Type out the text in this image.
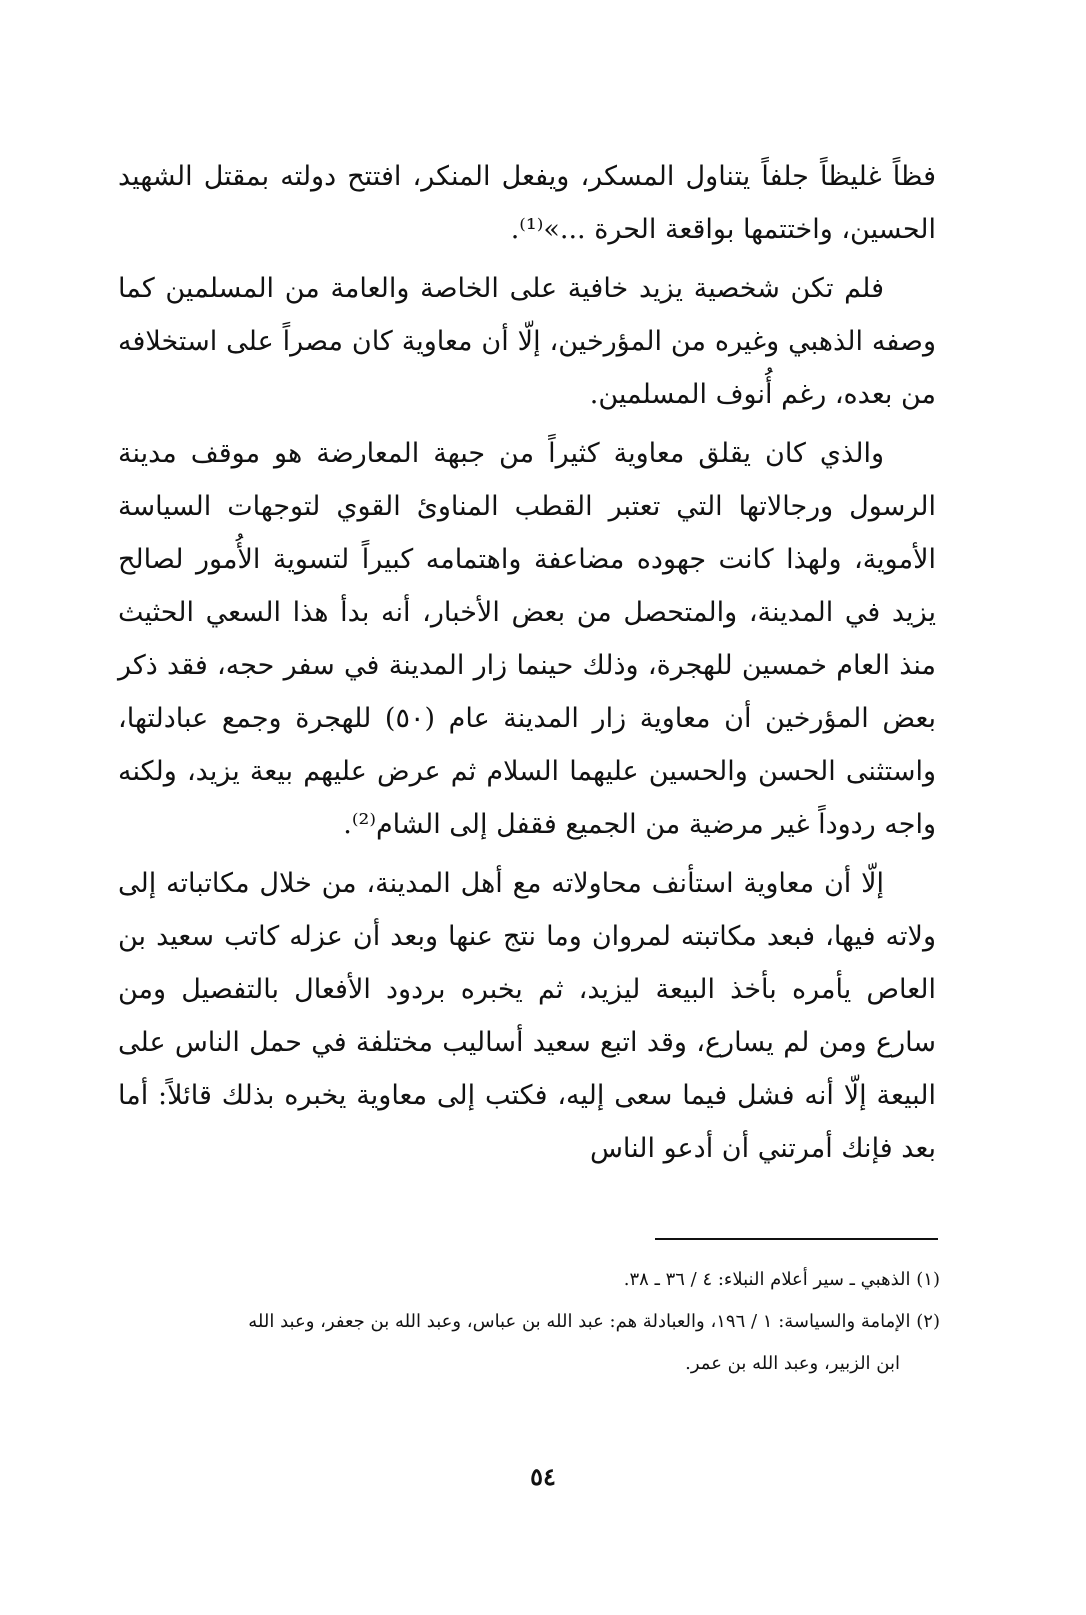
فظاً غليظاً جلفاً يتناول المسكر، ويفعل المنكر، افتتح دولته بمقتل الشهيد الحسين، واختتمها بواقعة الحرة ...»⁽¹⁾.

فلم تكن شخصية يزيد خافية على الخاصة والعامة من المسلمين كما وصفه الذهبي وغيره من المؤرخين، إلّا أن معاوية كان مصراً على استخلافه من بعده، رغم أُنوف المسلمين.

والذي كان يقلق معاوية كثيراً من جبهة المعارضة هو موقف مدينة الرسول ورجالاتها التي تعتبر القطب المناوئ القوي لتوجهات السياسة الأموية، ولهذا كانت جهوده مضاعفة واهتمامه كبيراً لتسوية الأُمور لصالح يزيد في المدينة، والمتحصل من بعض الأخبار، أنه بدأ هذا السعي الحثيث منذ العام خمسين للهجرة، وذلك حينما زار المدينة في سفر حجه، فقد ذكر بعض المؤرخين أن معاوية زار المدينة عام (٥٠) للهجرة وجمع عبادلتها، واستثنى الحسن والحسين عليهما السلام ثم عرض عليهم بيعة يزيد، ولكنه واجه ردوداً غير مرضية من الجميع فقفل إلى الشام⁽²⁾.

إلّا أن معاوية استأنف محاولاته مع أهل المدينة، من خلال مكاتباته إلى ولاته فيها، فبعد مكاتبته لمروان وما نتج عنها وبعد أن عزله كاتب سعيد بن العاص يأمره بأخذ البيعة ليزيد، ثم يخبره بردود الأفعال بالتفصيل ومن سارع ومن لم يسارع، وقد اتبع سعيد أساليب مختلفة في حمل الناس على البيعة إلّا أنه فشل فيما سعى إليه، فكتب إلى معاوية يخبره بذلك قائلاً: أما بعد فإنك أمرتني أن أدعو الناس

(١) الذهبي ـ سير أعلام النبلاء: ٤ / ٣٦ ـ ٣٨.

(٢) الإمامة والسياسة: ١ / ١٩٦، والعبادلة هم: عبد الله بن عباس، وعبد الله بن جعفر، وعبد الله

ابن الزبير، وعبد الله بن عمر.

٥٤
